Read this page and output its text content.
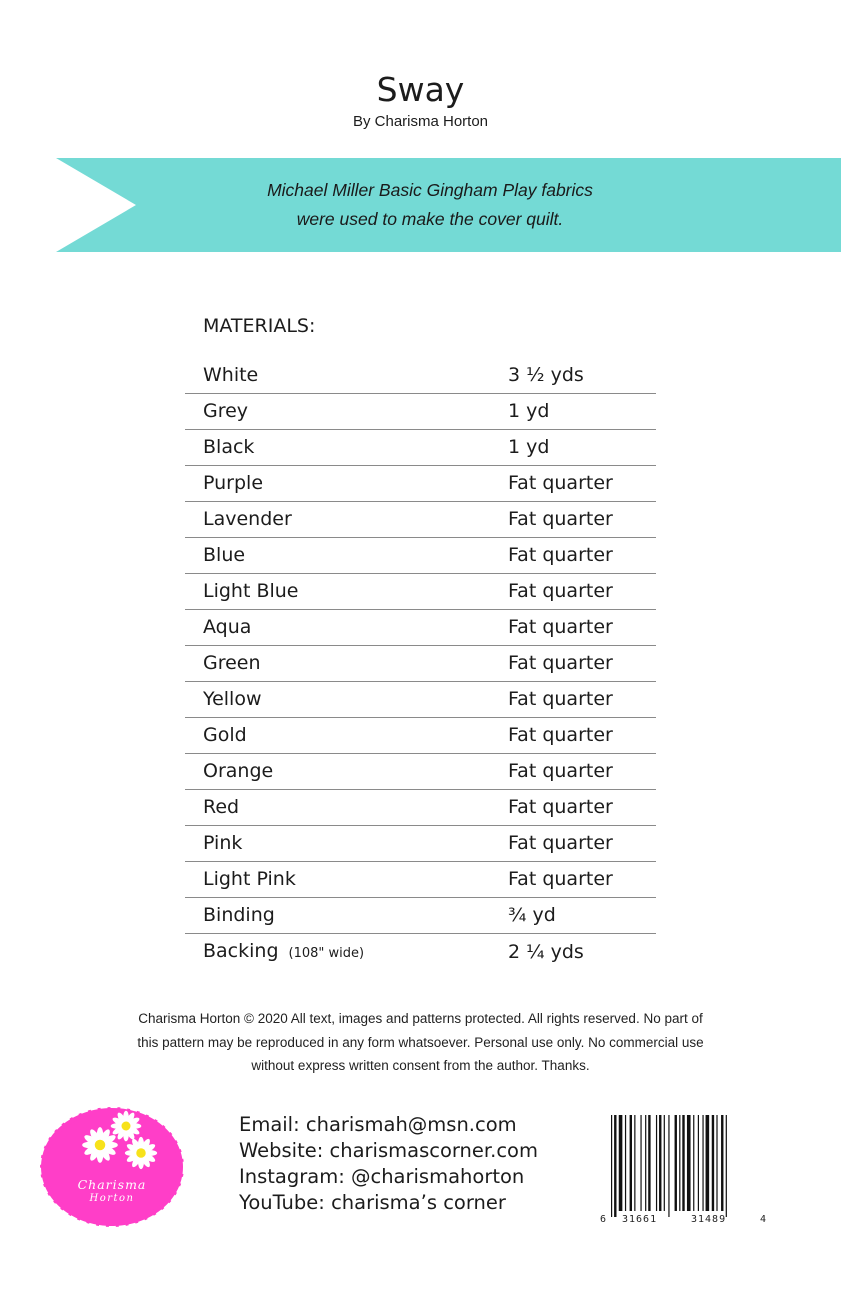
Sway
By Charisma Horton
Michael Miller Basic Gingham Play fabrics
were used to make the cover quilt.
MATERIALS:
White	3 ½ yds
Grey	1 yd
Black	1 yd
Purple	Fat quarter
Lavender	Fat quarter
Blue	Fat quarter
Light Blue	Fat quarter
Aqua	Fat quarter
Green	Fat quarter
Yellow	Fat quarter
Gold	Fat quarter
Orange	Fat quarter
Red	Fat quarter
Pink	Fat quarter
Light Pink	Fat quarter
Binding	¾ yd
Backing (108" wide)	2 ¼ yds
Charisma Horton © 2020 All text, images and patterns protected. All rights reserved. No part of
this pattern may be reproduced in any form whatsoever. Personal use only. No commercial use
without express written consent from the author. Thanks.
Charisma
Horton
Email: charismah@msn.com
Website: charismascorner.com
Instagram: @charismahorton
YouTube: charisma’s corner
6 31661	31489	4
